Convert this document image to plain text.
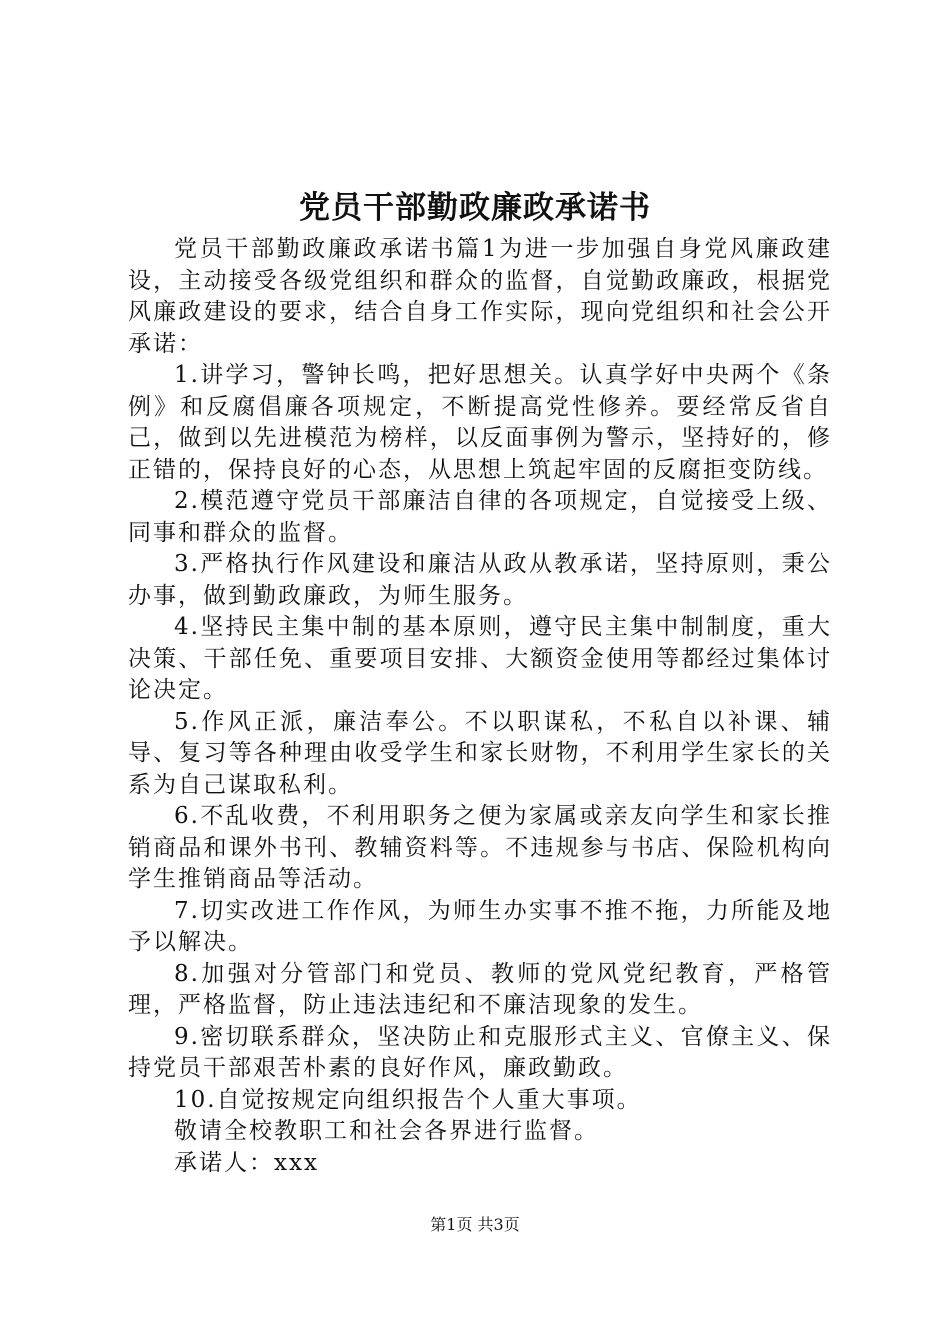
党员干部勤政廉政承诺书

党员干部勤政廉政承诺书篇1为进一步加强自身党风廉政建设，主动接受各级党组织和群众的监督，自觉勤政廉政，根据党风廉政建设的要求，结合自身工作实际，现向党组织和社会公开承诺：

1.讲学习，警钟长鸣，把好思想关。认真学好中央两个《条例》和反腐倡廉各项规定，不断提高党性修养。要经常反省自己，做到以先进模范为榜样，以反面事例为警示，坚持好的，修正错的，保持良好的心态，从思想上筑起牢固的反腐拒变防线。

2.模范遵守党员干部廉洁自律的各项规定，自觉接受上级、同事和群众的监督。

3.严格执行作风建设和廉洁从政从教承诺，坚持原则，秉公办事，做到勤政廉政，为师生服务。

4.坚持民主集中制的基本原则，遵守民主集中制制度，重大决策、干部任免、重要项目安排、大额资金使用等都经过集体讨论决定。

5.作风正派，廉洁奉公。不以职谋私，不私自以补课、辅导、复习等各种理由收受学生和家长财物，不利用学生家长的关系为自己谋取私利。

6.不乱收费，不利用职务之便为家属或亲友向学生和家长推销商品和课外书刊、教辅资料等。不违规参与书店、保险机构向学生推销商品等活动。

7.切实改进工作作风，为师生办实事不推不拖，力所能及地予以解决。

8.加强对分管部门和党员、教师的党风党纪教育，严格管理，严格监督，防止违法违纪和不廉洁现象的发生。

9.密切联系群众，坚决防止和克服形式主义、官僚主义、保持党员干部艰苦朴素的良好作风，廉政勤政。

10.自觉按规定向组织报告个人重大事项。

敬请全校教职工和社会各界进行监督。

承诺人：xxx

第1页 共3页
